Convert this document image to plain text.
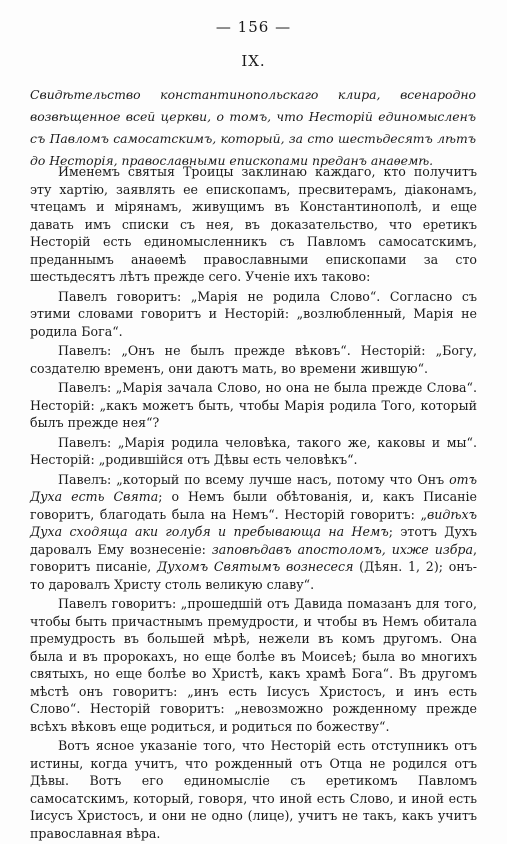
— 156 —
IX.
Свидѣтельство константинопольскаго клира, всенародно возвѣщенное всей церкви, о томъ, что Несторій единомысленъ съ Павломъ самосатскимъ, который, за сто шестьдесятъ лѣтъ до Несторія, православными епископами преданъ анаѳемѣ.

Именемъ святыя Троицы заклинаю каждаго, кто получитъ эту хартію, заявлять ее епископамъ, пресвитерамъ, діаконамъ, чтецамъ и мірянамъ, живущимъ въ Константинополѣ, и еще давать имъ списки съ нея, въ доказательство, что еретикъ Несторій есть единомысленникъ съ Павломъ самосатскимъ, преданнымъ анаѳемѣ православными епископами за сто шестьдесятъ лѣтъ прежде сего. Ученіе ихъ таково:

Павелъ говоритъ: „Марія не родила Слово“. Согласно съ этими словами говоритъ и Несторій: „возлюбленный, Марія не родила Бога“.

Павелъ: „Онъ не былъ прежде вѣковъ“. Несторій: „Богу, создателю временъ, они даютъ мать, во времени жившую“.

Павелъ: „Марія зачала Слово, но она не была прежде Слова“. Несторій: „какъ можетъ быть, чтобы Марія родила Того, который былъ прежде нея“?

Павелъ: „Марія родила человѣка, такого же, каковы и мы“. Несторій: „родившійся отъ Дѣвы есть человѣкъ“.

Павелъ: „который по всему лучше насъ, потому что Онъ отъ Духа есть Свята; о Немъ были обѣтованія, и, какъ Писаніе говоритъ, благодать была на Немъ“. Несторій говоритъ: „видѣхъ Духа сходяща аки голубя и пребывающа на Немъ; этотъ Духъ даровалъ Ему вознесеніе: заповѣдавъ апостоломъ, ихже избра, говоритъ писаніе, Духомъ Святымъ вознесеся (Дѣян. 1, 2); онъ-то даровалъ Христу столь великую славу“.

Павелъ говоритъ: „прошедшій отъ Давида помазанъ для того, чтобы быть причастнымъ премудрости, и чтобы въ Немъ обитала премудрость въ большей мѣрѣ, нежели въ комъ другомъ. Она была и въ пророкахъ, но еще болѣе въ Моисеѣ; была во многихъ святыхъ, но еще болѣе во Христѣ, какъ храмѣ Бога“. Въ другомъ мѣстѣ онъ говоритъ: „инъ есть Іисусъ Христосъ, и инъ есть Слово“. Несторій говоритъ: „невозможно рожденному прежде всѣхъ вѣковъ еще родиться, и родиться по божеству“.

Вотъ ясное указаніе того, что Несторій есть отступникъ отъ истины, когда учитъ, что рожденный отъ Отца не родился отъ Дѣвы. Вотъ его единомысліе съ еретикомъ Павломъ самосатскимъ, который, говоря, что иной есть Слово, и иной есть Іисусъ Христосъ, и они не одно (лице), учитъ не такъ, какъ учитъ православная вѣра.
